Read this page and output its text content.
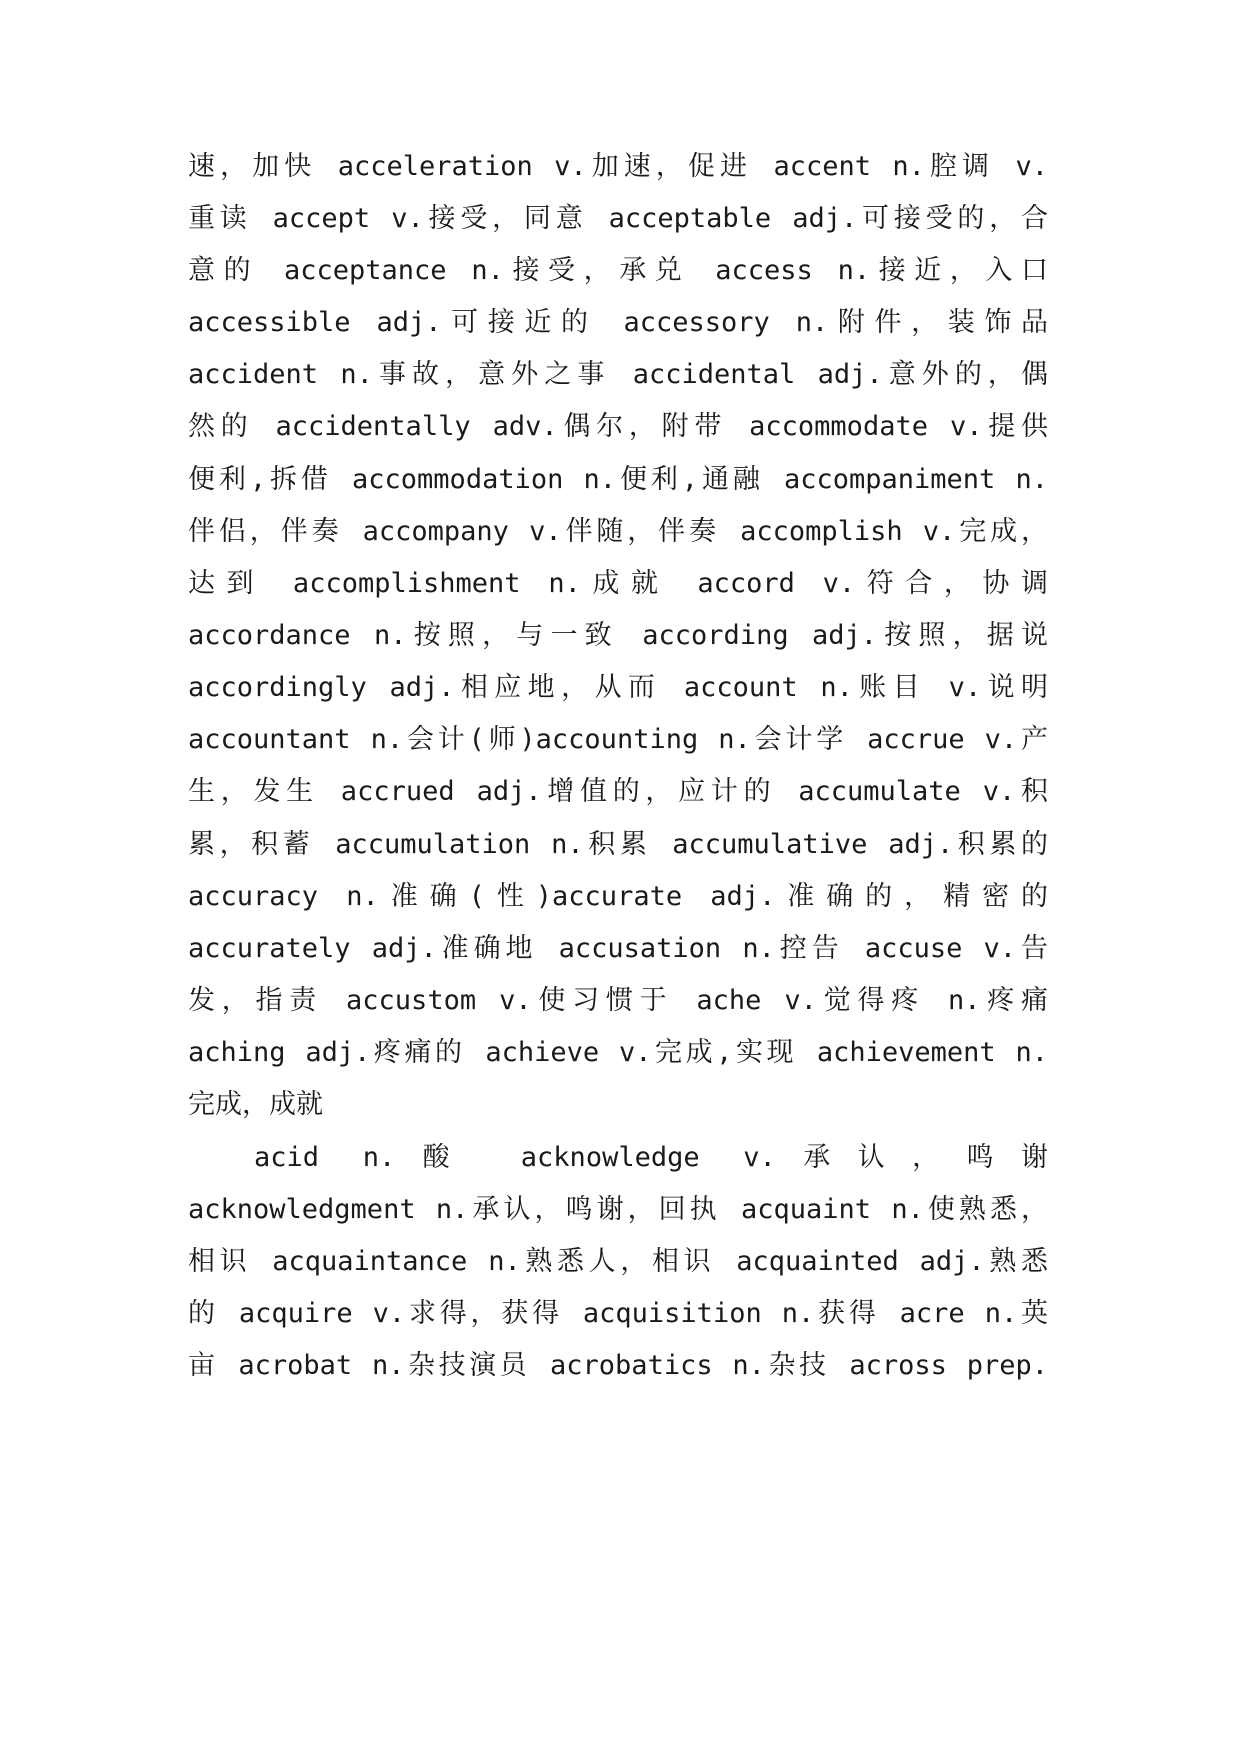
速，加快 acceleration v.加速，促进 accent n.腔调 v.
重读 accept v.接受，同意 acceptable adj.可接受的，合
意的 acceptance n.接受，承兑 access n.接近，入口
accessible adj.可接近的 accessory n.附件，装饰品
accident n.事故，意外之事 accidental adj.意外的，偶
然的 accidentally adv.偶尔，附带 accommodate v.提供
便利,拆借 accommodation n.便利,通融 accompaniment n.
伴侣，伴奏 accompany v.伴随，伴奏 accomplish v.完成，
达到 accomplishment n.成就 accord v.符合，协调
accordance n.按照，与一致 according adj.按照，据说
accordingly adj.相应地，从而 account n.账目 v.说明
accountant n.会计(师)accounting n.会计学 accrue v.产
生，发生 accrued adj.增值的，应计的 accumulate v.积
累，积蓄 accumulation n.积累 accumulative adj.积累的
accuracy n.准确(性)accurate adj.准确的，精密的
accurately adj.准确地 accusation n.控告 accuse v.告
发，指责 accustom v.使习惯于 ache v.觉得疼 n.疼痛
aching adj.疼痛的 achieve v.完成,实现 achievement n.
完成，成就
acid n.酸 acknowledge v.承认，鸣谢
acknowledgment n.承认，鸣谢，回执 acquaint n.使熟悉，
相识 acquaintance n.熟悉人，相识 acquainted adj.熟悉
的 acquire v.求得，获得 acquisition n.获得 acre n.英
亩 acrobat n.杂技演员 acrobatics n.杂技 across prep.
